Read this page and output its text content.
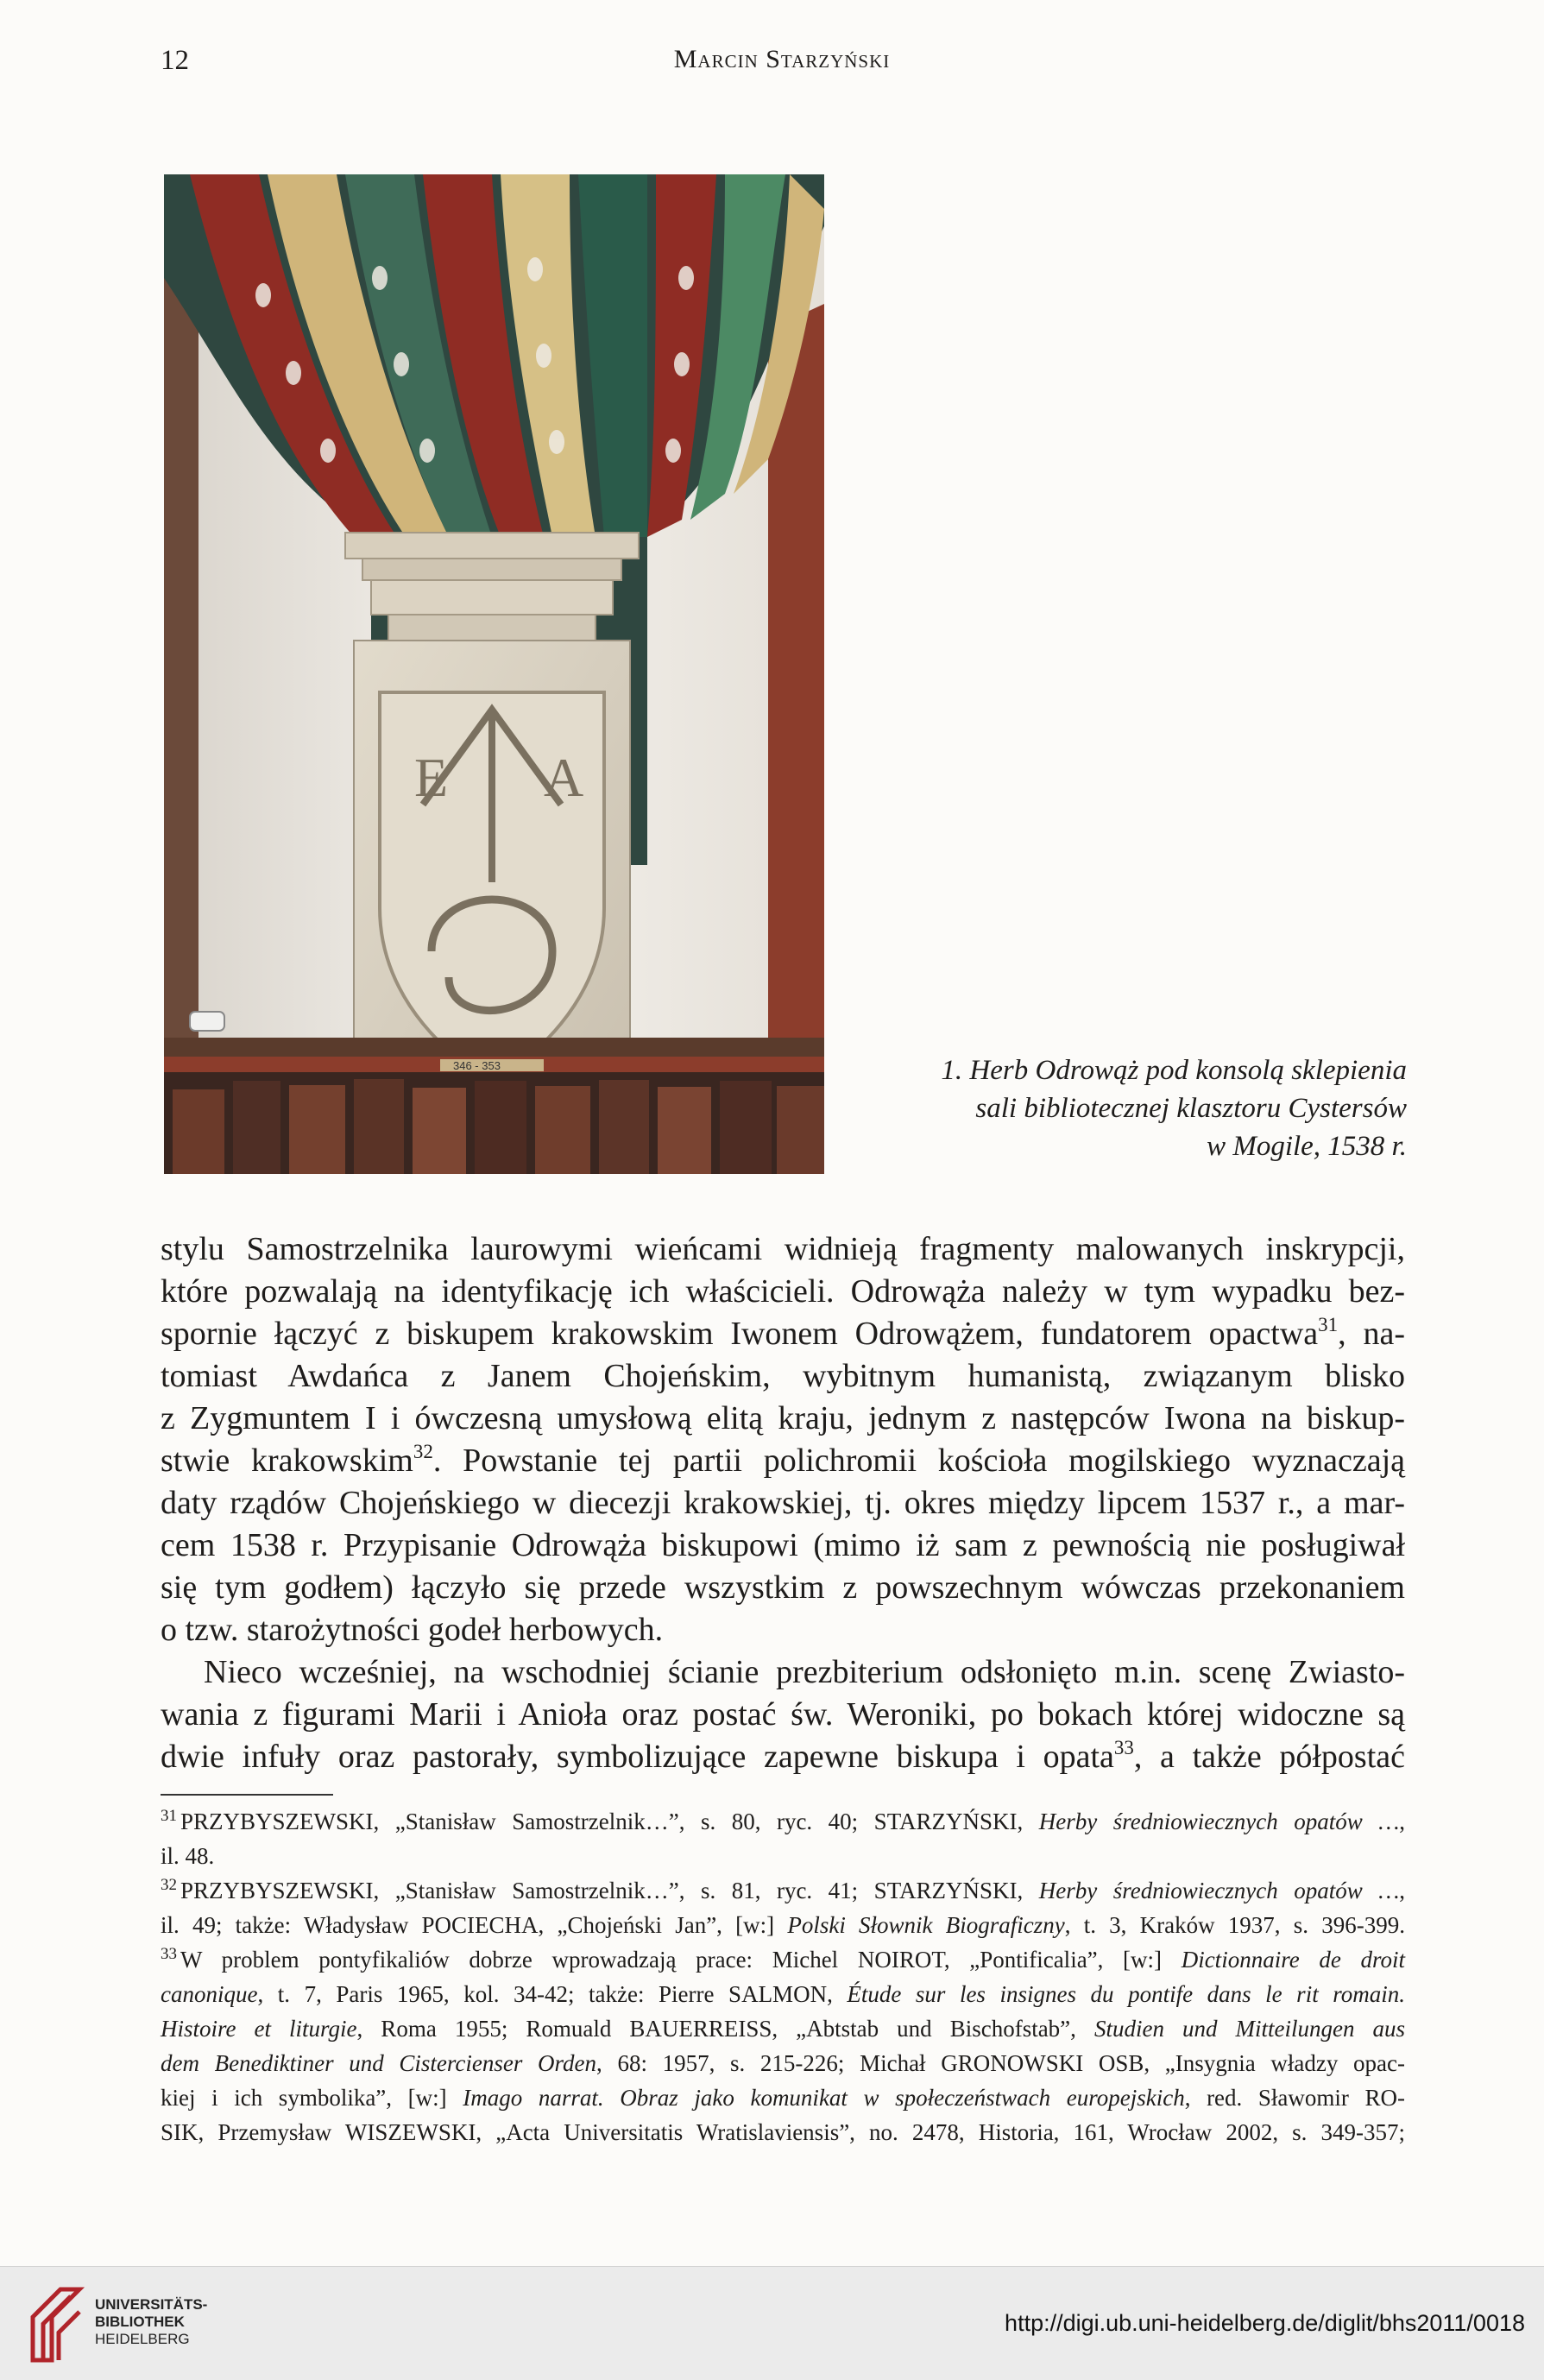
12	Marcin Starzyński
E A
346 - 353	1. Herb Odrowąż pod konsolą sklepienia
sali bibliotecznej klasztoru Cystersów
w Mogile, 1538 r.
stylu Samostrzelnika laurowymi wieńcami widnieją fragmenty malowanych inskrypcji,
które pozwalają na identyfikację ich właścicieli. Odrowąża należy w tym wypadku bez-
spornie łączyć z biskupem krakowskim Iwonem Odrowążem, fundatorem opactwa$^{31}$, na-
tomiast Awdańca z Janem Chojeńskim, wybitnym humanistą, związanym blisko
z Zygmuntem I i ówczesną umysłową elitą kraju, jednym z następców Iwona na biskup-
stwie krakowskim$^{32}$. Powstanie tej partii polichromii kościoła mogilskiego wyznaczają
daty rządów Chojeńskiego w diecezji krakowskiej, tj. okres między lipcem 1537 r., a mar-
cem 1538 r. Przypisanie Odrowąża biskupowi (mimo iż sam z pewnością nie posługiwał
się tym godłem) łączyło się przede wszystkim z powszechnym wówczas przekonaniem
o tzw. starożytności godeł herbowych.
Nieco wcześniej, na wschodniej ścianie prezbiterium odsłonięto m.in. scenę Zwiasto-
wania z figurami Marii i Anioła oraz postać św. Weroniki, po bokach której widoczne są
dwie infuły oraz pastorały, symbolizujące zapewne biskupa i opata$^{33}$, a także półpostać
$^{31}$ PRZYBYSZEWSKI, „Stanisław Samostrzelnik…”, s. 80, ryc. 40; STARZYŃSKI, Herby średniowiecznych opatów …,
il. 48.
$^{32}$ PRZYBYSZEWSKI, „Stanisław Samostrzelnik…”, s. 81, ryc. 41; STARZYŃSKI, Herby średniowiecznych opatów …,
il. 49; także: Władysław POCIECHA, „Chojeński Jan”, [w:] Polski Słownik Biograficzny, t. 3, Kraków 1937, s. 396-399.
$^{33}$ W problem pontyfikaliów dobrze wprowadzają prace: Michel NOIROT, „Pontificalia”, [w:] Dictionnaire de droit
canonique, t. 7, Paris 1965, kol. 34-42; także: Pierre SALMON, Étude sur les insignes du pontife dans le rit romain.
Histoire et liturgie, Roma 1955; Romuald BAUERREISS, „Abtstab und Bischofstab”, Studien und Mitteilungen aus
dem Benediktiner und Cistercienser Orden, 68: 1957, s. 215-226; Michał GRONOWSKI OSB, „Insygnia władzy opac-
kiej i ich symbolika”, [w:] Imago narrat. Obraz jako komunikat w społeczeństwach europejskich, red. Sławomir RO-
SIK, Przemysław WISZEWSKI, „Acta Universitatis Wratislaviensis”, no. 2478, Historia, 161, Wrocław 2002, s. 349-357;
UNIVERSITÄTS-
BIBLIOTHEK
HEIDELBERG
http://digi.ub.uni-heidelberg.de/diglit/bhs2011/0018
